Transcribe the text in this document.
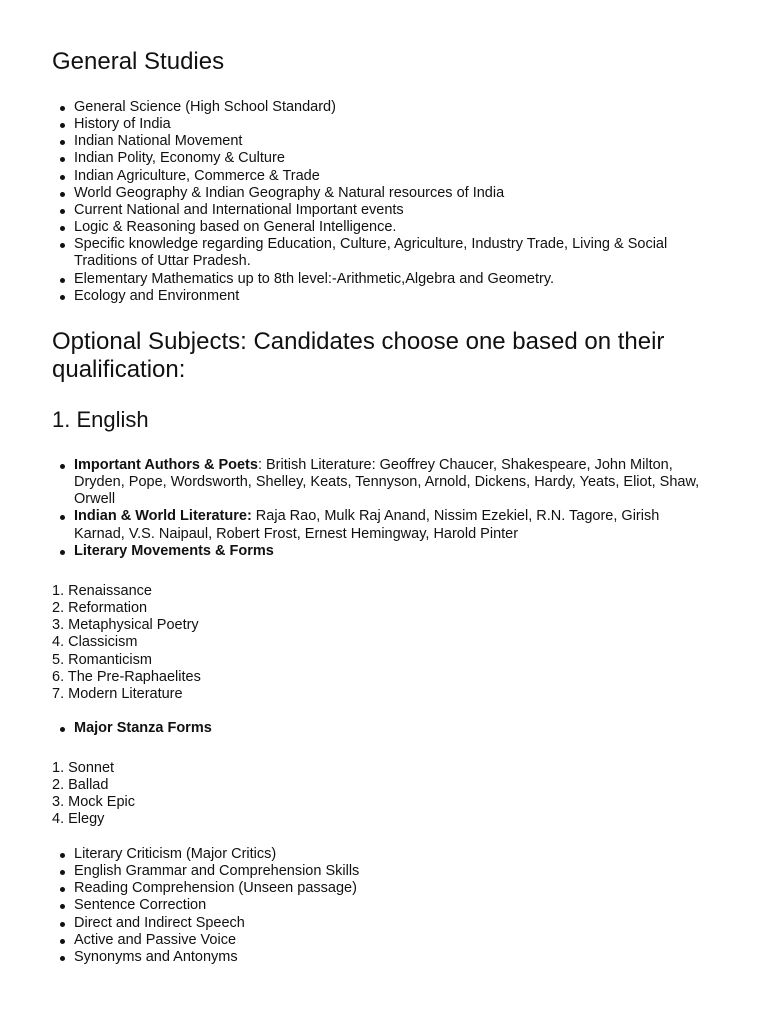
General Studies
General Science (High School Standard)
History of India
Indian National Movement
Indian Polity, Economy & Culture
Indian Agriculture, Commerce & Trade
World Geography & Indian Geography & Natural resources of India
Current National and International Important events
Logic & Reasoning based on General Intelligence.
Specific knowledge regarding Education, Culture, Agriculture, Industry Trade, Living & Social Traditions of Uttar Pradesh.
Elementary Mathematics up to 8th level:-Arithmetic,Algebra and Geometry.
Ecology and Environment
Optional Subjects: Candidates choose one based on their qualification:
1. English
Important Authors & Poets: British Literature: Geoffrey Chaucer, Shakespeare, John Milton, Dryden, Pope, Wordsworth, Shelley, Keats, Tennyson, Arnold, Dickens, Hardy, Yeats, Eliot, Shaw, Orwell
Indian & World Literature: Raja Rao, Mulk Raj Anand, Nissim Ezekiel, R.N. Tagore, Girish Karnad, V.S. Naipaul, Robert Frost, Ernest Hemingway, Harold Pinter
Literary Movements & Forms
1. Renaissance
2. Reformation
3. Metaphysical Poetry
4. Classicism
5. Romanticism
6. The Pre-Raphaelites
7. Modern Literature
Major Stanza Forms
1. Sonnet
2. Ballad
3. Mock Epic
4. Elegy
Literary Criticism (Major Critics)
English Grammar and Comprehension Skills
Reading Comprehension (Unseen passage)
Sentence Correction
Direct and Indirect Speech
Active and Passive Voice
Synonyms and Antonyms
